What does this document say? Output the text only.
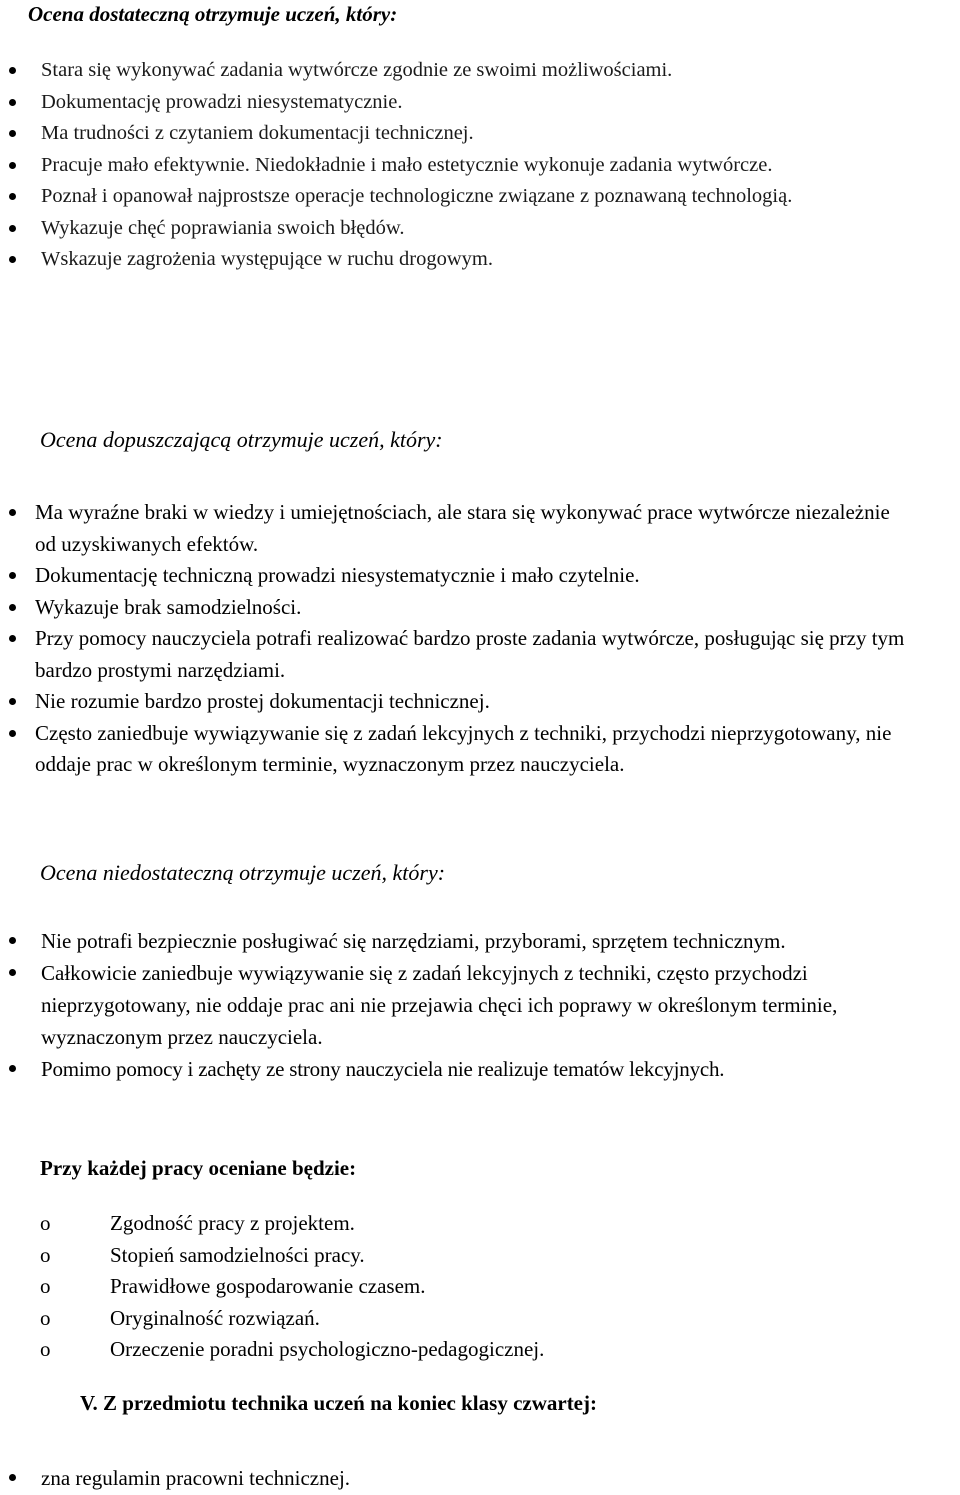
Ocena dostateczną otrzymuje uczeń, który:
Stara się wykonywać zadania wytwórcze zgodnie ze swoimi możliwościami.
Dokumentację prowadzi niesystematycznie.
Ma trudności z czytaniem dokumentacji technicznej.
Pracuje mało efektywnie. Niedokładnie i mało estetycznie wykonuje zadania wytwórcze.
Poznał i opanował najprostsze operacje technologiczne związane z poznawaną technologią.
Wykazuje chęć poprawiania swoich błędów.
Wskazuje zagrożenia występujące w ruchu drogowym.
Ocena dopuszczającą otrzymuje uczeń, który:
Ma wyraźne braki w wiedzy i umiejętnościach, ale stara się wykonywać prace wytwórcze niezależnie od uzyskiwanych efektów.
Dokumentację techniczną prowadzi niesystematycznie i mało czytelnie.
Wykazuje brak samodzielności.
Przy pomocy nauczyciela potrafi realizować bardzo proste zadania wytwórcze, posługując się przy tym bardzo prostymi narzędziami.
Nie rozumie bardzo prostej dokumentacji technicznej.
Często zaniedbuje wywiązywanie się z zadań lekcyjnych z techniki, przychodzi nieprzygotowany, nie oddaje prac w określonym terminie, wyznaczonym przez nauczyciela.
Ocena niedostateczną otrzymuje uczeń, który:
Nie potrafi bezpiecznie posługiwać się narzędziami, przyborami, sprzętem technicznym.
Całkowicie zaniedbuje wywiązywanie się z zadań lekcyjnych z techniki, często przychodzi nieprzygotowany, nie oddaje prac ani nie przejawia chęci ich poprawy w określonym terminie, wyznaczonym przez nauczyciela.
Pomimo pomocy i zachęty ze strony nauczyciela nie realizuje tematów lekcyjnych.
Przy każdej pracy oceniane będzie:
o	Zgodność pracy z projektem.
o	Stopień samodzielności pracy.
o	Prawidłowe gospodarowanie czasem.
o	Oryginalność rozwiązań.
o	Orzeczenie poradni psychologiczno-pedagogicznej.
V. Z przedmiotu technika uczeń na koniec klasy czwartej:
zna regulamin pracowni technicznej.
